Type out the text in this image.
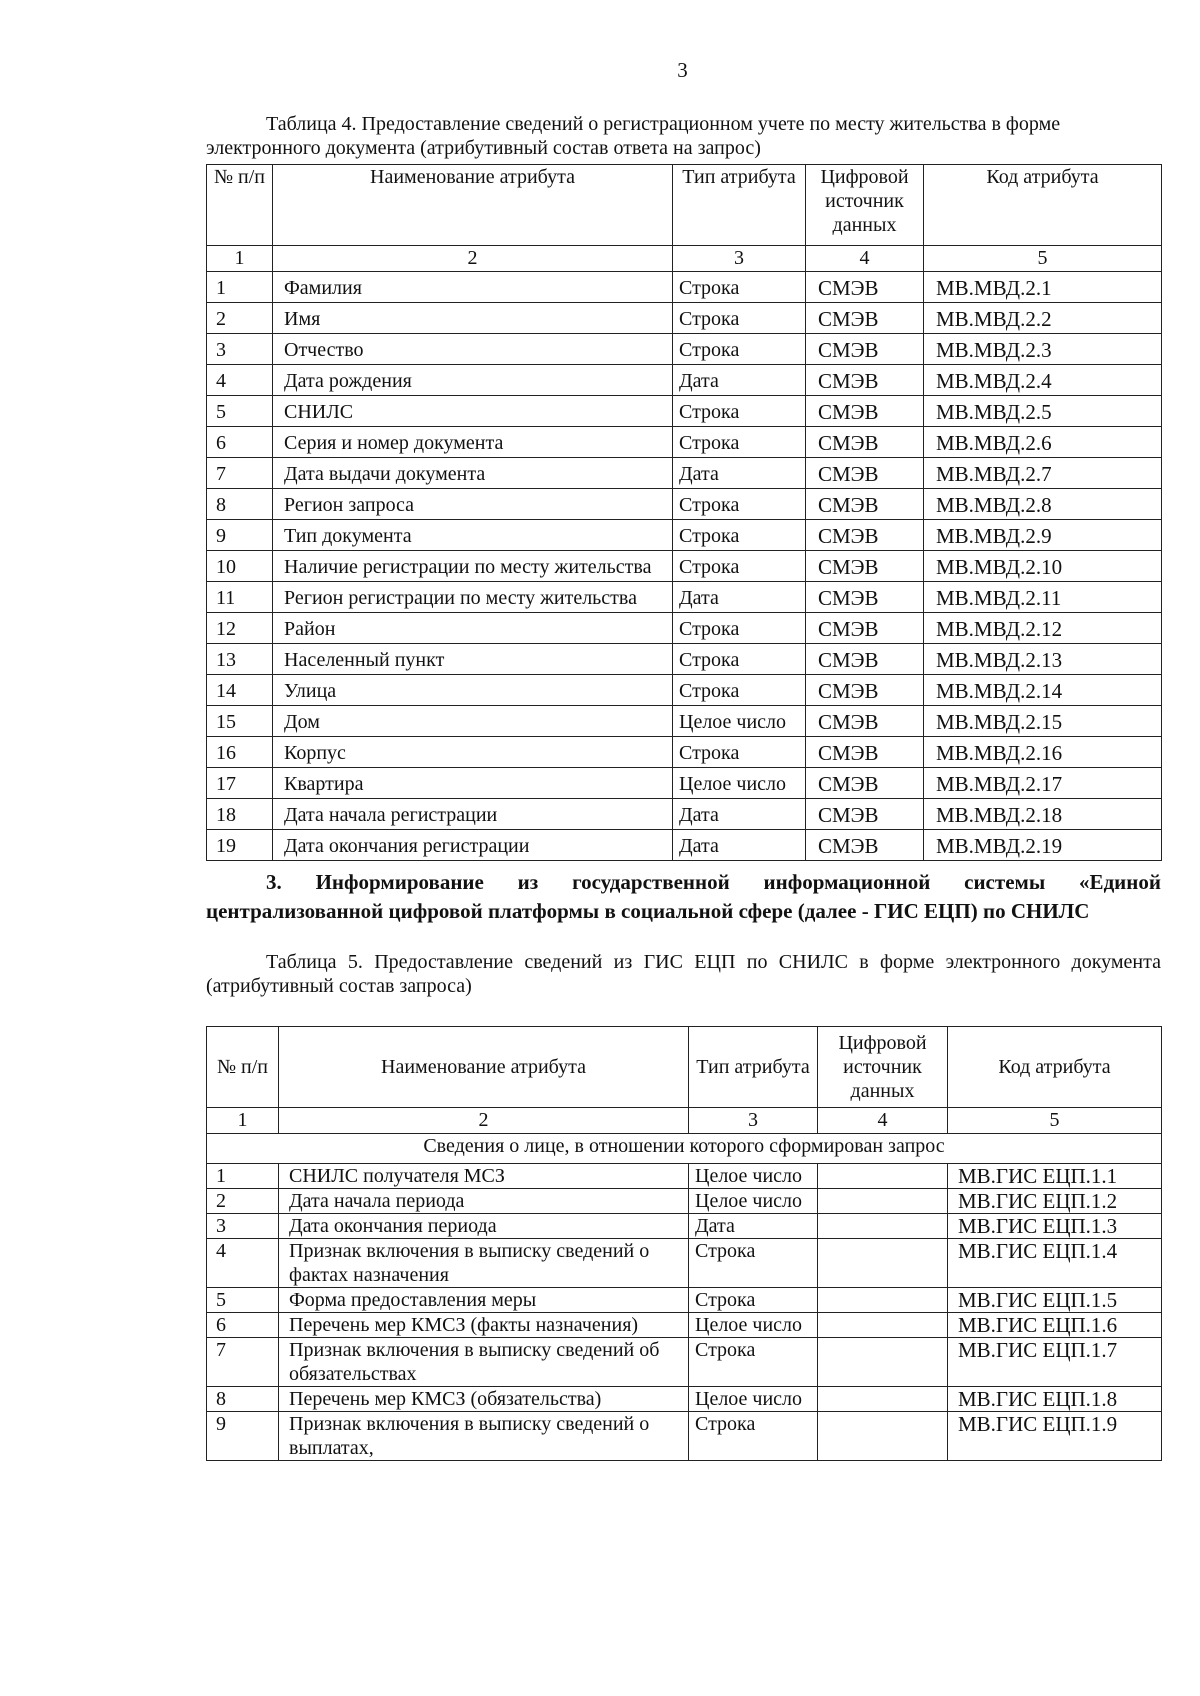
3
Таблица 4. Предоставление сведений о регистрационном учете по месту жительства в форме электронного документа (атрибутивный состав ответа на запрос)
№ п/п	Наименование атрибута	Тип атрибута	Цифровой источник данных	Код атрибута
1	2	3	4	5
1	Фамилия	Строка	СМЭВ	МВ.МВД.2.1
2	Имя	Строка	СМЭВ	МВ.МВД.2.2
3	Отчество	Строка	СМЭВ	МВ.МВД.2.3
4	Дата рождения	Дата	СМЭВ	МВ.МВД.2.4
5	СНИЛС	Строка	СМЭВ	МВ.МВД.2.5
6	Серия и номер документа	Строка	СМЭВ	МВ.МВД.2.6
7	Дата выдачи документа	Дата	СМЭВ	МВ.МВД.2.7
8	Регион запроса	Строка	СМЭВ	МВ.МВД.2.8
9	Тип документа	Строка	СМЭВ	МВ.МВД.2.9
10	Наличие регистрации по месту жительства	Строка	СМЭВ	МВ.МВД.2.10
11	Регион регистрации по месту жительства	Дата	СМЭВ	МВ.МВД.2.11
12	Район	Строка	СМЭВ	МВ.МВД.2.12
13	Населенный пункт	Строка	СМЭВ	МВ.МВД.2.13
14	Улица	Строка	СМЭВ	МВ.МВД.2.14
15	Дом	Целое число	СМЭВ	МВ.МВД.2.15
16	Корпус	Строка	СМЭВ	МВ.МВД.2.16
17	Квартира	Целое число	СМЭВ	МВ.МВД.2.17
18	Дата начала регистрации	Дата	СМЭВ	МВ.МВД.2.18
19	Дата окончания регистрации	Дата	СМЭВ	МВ.МВД.2.19
3. Информирование из государственной информационной системы «Единой централизованной цифровой платформы в социальной сфере (далее - ГИС ЕЦП) по СНИЛС
Таблица 5. Предоставление сведений из ГИС ЕЦП по СНИЛС в форме электронного документа (атрибутивный состав запроса)
№ п/п	Наименование атрибута	Тип атрибута	Цифровой источник данных	Код атрибута
1	2	3	4	5
Сведения о лице, в отношении которого сформирован запрос				
1	СНИЛС получателя МСЗ	Целое число		МВ.ГИС ЕЦП.1.1
2	Дата начала периода	Целое число		МВ.ГИС ЕЦП.1.2
3	Дата окончания периода	Дата		МВ.ГИС ЕЦП.1.3
4	Признак включения в выписку сведений о фактах назначения	Строка		МВ.ГИС ЕЦП.1.4
5	Форма предоставления меры	Строка		МВ.ГИС ЕЦП.1.5
6	Перечень мер КМСЗ (факты назначения)	Целое число		МВ.ГИС ЕЦП.1.6
7	Признак включения в выписку сведений об обязательствах	Строка		МВ.ГИС ЕЦП.1.7
8	Перечень мер КМСЗ (обязательства)	Целое число		МВ.ГИС ЕЦП.1.8
9	Признак включения в выписку сведений о выплатах,	Строка		МВ.ГИС ЕЦП.1.9
